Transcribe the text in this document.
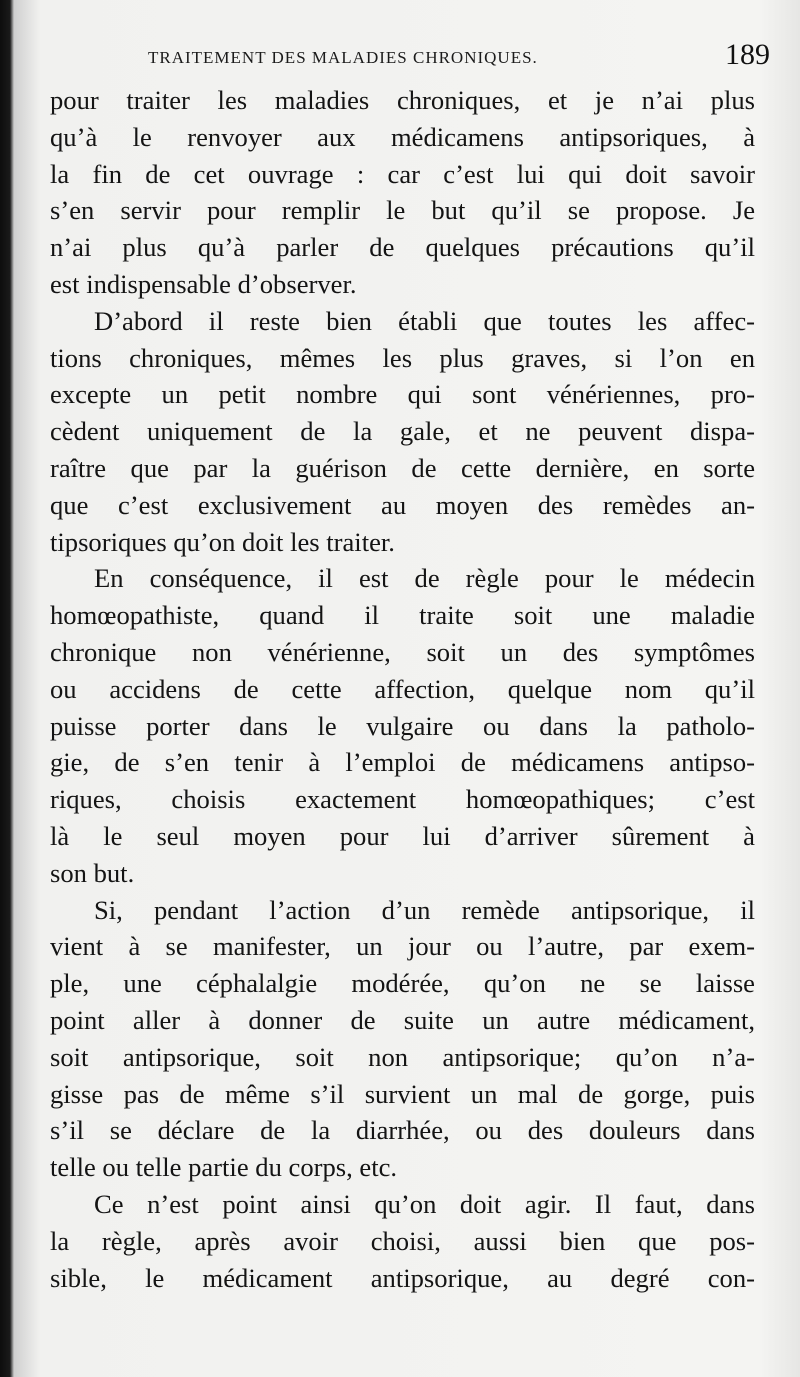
TRAITEMENT DES MALADIES CHRONIQUES.	189
pour traiter les maladies chroniques, et je n’ai plus
qu’à le renvoyer aux médicamens antipsoriques, à
la fin de cet ouvrage : car c’est lui qui doit savoir
s’en servir pour remplir le but qu’il se propose. Je
n’ai plus qu’à parler de quelques précautions qu’il
est indispensable d’observer.
D’abord il reste bien établi que toutes les affec-
tions chroniques, mêmes les plus graves, si l’on en
excepte un petit nombre qui sont vénériennes, pro-
cèdent uniquement de la gale, et ne peuvent dispa-
raître que par la guérison de cette dernière, en sorte
que c’est exclusivement au moyen des remèdes an-
tipsoriques qu’on doit les traiter.
En conséquence, il est de règle pour le médecin
homœopathiste, quand il traite soit une maladie
chronique non vénérienne, soit un des symptômes
ou accidens de cette affection, quelque nom qu’il
puisse porter dans le vulgaire ou dans la patholo-
gie, de s’en tenir à l’emploi de médicamens antipso-
riques, choisis exactement homœopathiques; c’est
là le seul moyen pour lui d’arriver sûrement à
son but.
Si, pendant l’action d’un remède antipsorique, il
vient à se manifester, un jour ou l’autre, par exem-
ple, une céphalalgie modérée, qu’on ne se laisse
point aller à donner de suite un autre médicament,
soit antipsorique, soit non antipsorique; qu’on n’a-
gisse pas de même s’il survient un mal de gorge, puis
s’il se déclare de la diarrhée, ou des douleurs dans
telle ou telle partie du corps, etc.
Ce n’est point ainsi qu’on doit agir. Il faut, dans
la règle, après avoir choisi, aussi bien que pos-
sible, le médicament antipsorique, au degré con-
